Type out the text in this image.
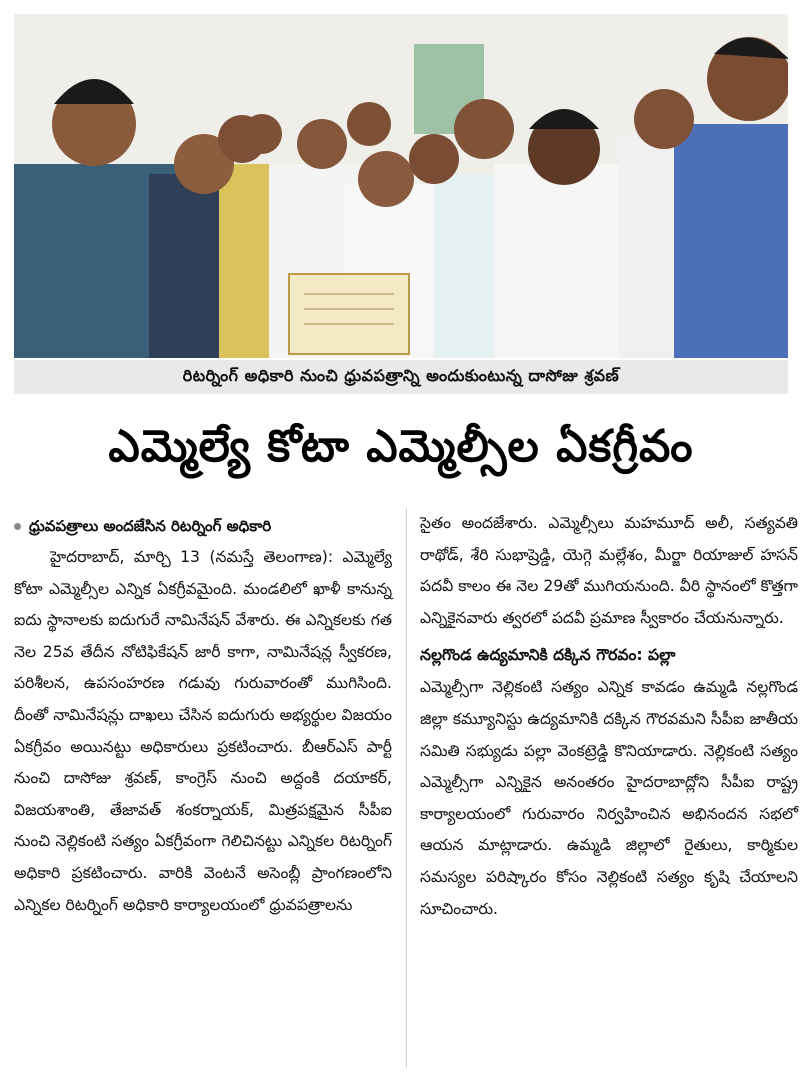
రిటర్నింగ్ అధికారి నుంచి ధ్రువపత్రాన్ని అందుకుంటున్న దాసోజు శ్రవణ్
ఎమ్మెల్యే కోటా ఎమ్మెల్సీల ఏకగ్రీవం
ధ్రువపత్రాలు అందజేసిన రిటర్నింగ్ అధికారి

హైదరాబాద్, మార్చి 13 (నమస్తే తెలంగాణ): ఎమ్మెల్యే కోటా ఎమ్మెల్సీల ఎన్నిక ఏకగ్రీవమైంది. మండలిలో ఖాళీ కానున్న ఐదు స్థానాలకు ఐదుగురే నామినేషన్ వేశారు. ఈ ఎన్నికలకు గత నెల 25వ తేదీన నోటిఫికేషన్ జారీ కాగా, నామినేషన్ల స్వీకరణ, పరిశీలన, ఉపసంహరణ గడువు గురువారంతో ముగిసింది. దీంతో నామినేషన్లు దాఖలు చేసిన ఐదుగురు అభ్యర్థుల విజయం ఏకగ్రీవం అయినట్టు అధికారులు ప్రకటించారు. బీఆర్ఎస్ పార్టీ నుంచి దాసోజు శ్రవణ్, కాంగ్రెస్ నుంచి అద్దంకి దయాకర్, విజయశాంతి, తేజావత్ శంకర్నాయక్, మిత్రపక్షమైన సీపీఐ నుంచి నెల్లికంటి సత్యం ఏకగ్రీవంగా గెలిచినట్టు ఎన్నికల రిటర్నింగ్ అధికారి ప్రకటించారు. వారికి వెంటనే అసెంబ్లీ ప్రాంగణంలోని ఎన్నికల రిటర్నింగ్ అధికారి కార్యాలయంలో ధ్రువపత్రాలను

సైతం అందజేశారు. ఎమ్మెల్సీలు మహమూద్ అలీ, సత్యవతి రాథోడ్, శేరి సుభాష్రెడ్డి, యెగ్గె మల్లేశం, మీర్జా రియాజుల్ హసన్ పదవీ కాలం ఈ నెల 29తో ముగియనుంది. వీరి స్థానంలో కొత్తగా ఎన్నికైనవారు త్వరలో పదవీ ప్రమాణ స్వీకారం చేయనున్నారు.

నల్లగొండ ఉద్యమానికి దక్కిన గౌరవం: పల్లా

ఎమ్మెల్సీగా నెల్లికంటి సత్యం ఎన్నిక కావడం ఉమ్మడి నల్లగొండ జిల్లా కమ్యూనిస్టు ఉద్యమానికి దక్కిన గౌరవమని సీపీఐ జాతీయ సమితి సభ్యుడు పల్లా వెంకట్రెడ్డి కొనియాడారు. నెల్లికంటి సత్యం ఎమ్మెల్సీగా ఎన్నికైన అనంతరం హైదరాబాద్లోని సీపీఐ రాష్ట్ర కార్యాలయంలో గురువారం నిర్వహించిన అభినందన సభలో ఆయన మాట్లాడారు. ఉమ్మడి జిల్లాలో రైతులు, కార్మికుల సమస్యల పరిష్కారం కోసం నెల్లికంటి సత్యం కృషి చేయాలని సూచించారు.
